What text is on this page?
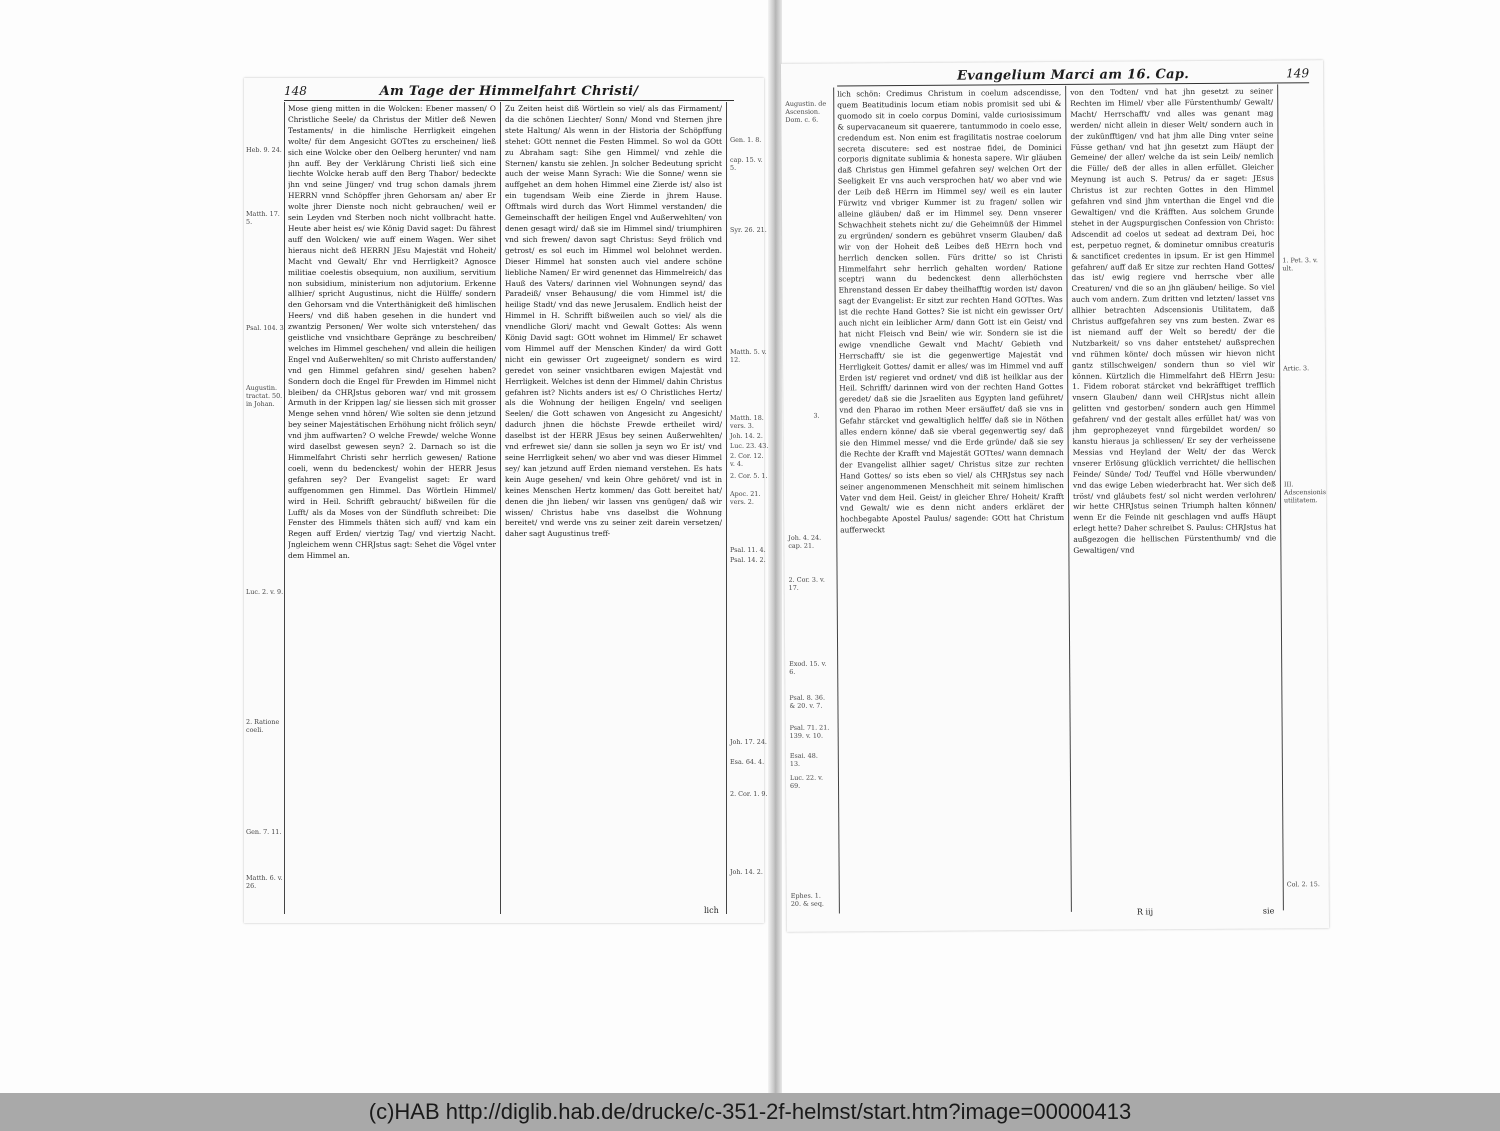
148	Am Tage der Himmelfahrt Christi/
Mose gieng mitten in die Wolcken: Ebener massen/ O Christliche Seele/ da Christus der Mitler deß Newen Testaments/ in die himlische Herrligkeit eingehen wolte/ für dem Angesicht GOTtes zu erscheinen/ ließ sich eine Wolcke ober den Oelberg herunter/ vnd nam jhn auff. Bey der Verklärung Christi ließ sich eine liechte Wolcke herab auff den Berg Thabor/ bedeckte jhn vnd seine Jünger/ vnd trug schon damals jhrem HERRN vnnd Schöpffer jhren Gehorsam an/ aber Er wolte jhrer Dienste noch nicht gebrauchen/ weil er sein Leyden vnd Sterben noch nicht vollbracht hatte. Heute aber heist es/ wie König David saget: Du fährest auff den Wolcken/ wie auff einem Wagen. Wer sihet hieraus nicht deß HERRN JEsu Majestät vnd Hoheit/ Macht vnd Gewalt/ Ehr vnd Herrligkeit? Agnosce militiae coelestis obsequium, non auxilium, servitium non subsidium, ministerium non adjutorium. Erkenne allhier/ spricht Augustinus, nicht die Hülffe/ sondern den Gehorsam vnd die Vnterthänigkeit deß himlischen Heers/ vnd diß haben gesehen in die hundert vnd zwantzig Personen/ Wer wolte sich vnterstehen/ das geistliche vnd vnsichtbare Gepränge zu beschreiben/ welches im Himmel geschehen/ vnd allein die heiligen Engel vnd Außerwehlten/ so mit Christo aufferstanden/ vnd gen Himmel gefahren sind/ gesehen haben? Sondern doch die Engel für Frewden im Himmel nicht bleiben/ da CHRJstus geboren war/ vnd mit grossem Armuth in der Krippen lag/ sie liessen sich mit grosser Menge sehen vnnd hören/ Wie solten sie denn jetzund bey seiner Majestätischen Erhöhung nicht frölich seyn/ vnd jhm auffwarten? O welche Frewde/ welche Wonne wird daselbst gewesen seyn? 2. Darnach so ist die Himmelfahrt Christi sehr herrlich gewesen/ Ratione coeli, wenn du bedenckest/ wohin der HERR Jesus gefahren sey? Der Evangelist saget: Er ward auffgenommen gen Himmel. Das Wörtlein Himmel/ wird in Heil. Schrifft gebraucht/ bißweilen für die Lufft/ als da Moses von der Sündfluth schreibet: Die Fenster des Himmels thäten sich auff/ vnd kam ein Regen auff Erden/ viertzig Tag/ vnd viertzig Nacht. Jngleichem wenn CHRJstus sagt: Sehet die Vögel vnter dem Himmel an.
Zu Zeiten heist diß Wörtlein so viel/ als das Firmament/ da die schönen Liechter/ Sonn/ Mond vnd Sternen jhre stete Haltung/ Als wenn in der Historia der Schöpffung stehet: GOtt nennet die Festen Himmel. So wol da GOtt zu Abraham sagt: Sihe gen Himmel/ vnd zehle die Sternen/ kanstu sie zehlen. Jn solcher Bedeutung spricht auch der weise Mann Syrach: Wie die Sonne/ wenn sie auffgehet an dem hohen Himmel eine Zierde ist/ also ist ein tugendsam Weib eine Zierde in jhrem Hause. Offtmals wird durch das Wort Himmel verstanden/ die Gemeinschafft der heiligen Engel vnd Außerwehlten/ von denen gesagt wird/ daß sie im Himmel sind/ triumphiren vnd sich frewen/ davon sagt Christus: Seyd frölich vnd getrost/ es sol euch im Himmel wol belohnet werden. Dieser Himmel hat sonsten auch viel andere schöne liebliche Namen/ Er wird genennet das Himmelreich/ das Hauß des Vaters/ darinnen viel Wohnungen seynd/ das Paradeiß/ vnser Behausung/ die vom Himmel ist/ die heilige Stadt/ vnd das newe Jerusalem. Endlich heist der Himmel in H. Schrifft bißweilen auch so viel/ als die vnendliche Glori/ macht vnd Gewalt Gottes: Als wenn König David sagt: GOtt wohnet im Himmel/ Er schawet vom Himmel auff der Menschen Kinder/ da wird Gott nicht ein gewisser Ort zugeeignet/ sondern es wird geredet von seiner vnsichtbaren ewigen Majestät vnd Herrligkeit. Welches ist denn der Himmel/ dahin Christus gefahren ist? Nichts anders ist es/ O Christliches Hertz/ als die Wohnung der heiligen Engeln/ vnd seeligen Seelen/ die Gott schawen von Angesicht zu Angesicht/ dadurch jhnen die höchste Frewde ertheilet wird/ daselbst ist der HERR JEsus bey seinen Außerwehlten/ vnd erfrewet sie/ dann sie sollen ja seyn wo Er ist/ vnd seine Herrligkeit sehen/ wo aber vnd was dieser Himmel sey/ kan jetzund auff Erden niemand verstehen. Es hats kein Auge gesehen/ vnd kein Ohre gehöret/ vnd ist in keines Menschen Hertz kommen/ das Gott bereitet hat/ denen die jhn lieben/ wir lassen vns genügen/ daß wir wissen/ Christus habe vns daselbst die Wohnung bereitet/ vnd werde vns zu seiner zeit darein versetzen/ daher sagt Augustinus treff-
Heb. 9. 24.
Matth. 17. 5.
Psal. 104. 3.
Augustin. tractat. 50. in Johan.
2. Ratione coeli.
Luc. 2. v. 9.
Gen. 7. 11.
Matth. 6. v. 26.
Gen. 1. 8.
cap. 15. v. 5.
Syr. 26. 21.
Matth. 5. v. 12.
Matth. 18. vers. 3.
Joh. 14. 2.
Luc. 23. 43.
2. Cor. 12. v. 4.
2. Cor. 5. 1.
Apoc. 21. vers. 2.
Psal. 11. 4.
Psal. 14. 2.
Joh. 17. 24.
Esa. 64. 4.
2. Cor. 1. 9.
Joh. 14. 2.
lich
Evangelium Marci am 16. Cap.	149
lich schön: Credimus Christum in coelum adscendisse, quem Beatitudinis locum etiam nobis promisit sed ubi & quomodo sit in coelo corpus Domini, valde curiosissimum & supervacaneum sit quaerere, tantummodo in coelo esse, credendum est. Non enim est fragilitatis nostrae coelorum secreta discutere: sed est nostrae fidei, de Dominici corporis dignitate sublimia & honesta sapere. Wir gläuben daß Christus gen Himmel gefahren sey/ welchen Ort der Seeligkeit Er vns auch versprochen hat/ wo aber vnd wie der Leib deß HErrn im Himmel sey/ weil es ein lauter Fürwitz vnd vbriger Kummer ist zu fragen/ sollen wir alleine gläuben/ daß er im Himmel sey. Denn vnserer Schwachheit stehets nicht zu/ die Geheimnüß der Himmel zu ergründen/ sondern es gebühret vnserm Glauben/ daß wir von der Hoheit deß Leibes deß HErrn hoch vnd herrlich dencken sollen. Fürs dritte/ so ist Christi Himmelfahrt sehr herrlich gehalten worden/ Ratione sceptri wann du bedenckest denn allerhöchsten Ehrenstand dessen Er dabey theilhafftig worden ist/ davon sagt der Evangelist: Er sitzt zur rechten Hand GOTtes. Was ist die rechte Hand Gottes? Sie ist nicht ein gewisser Ort/ auch nicht ein leiblicher Arm/ dann Gott ist ein Geist/ vnd hat nicht Fleisch vnd Bein/ wie wir. Sondern sie ist die ewige vnendliche Gewalt vnd Macht/ Gebieth vnd Herrschafft/ sie ist die gegenwertige Majestät vnd Herrligkeit Gottes/ damit er alles/ was im Himmel vnd auff Erden ist/ regieret vnd ordnet/ vnd diß ist heilklar aus der Heil. Schrifft/ darinnen wird von der rechten Hand Gottes geredet/ daß sie die Jsraeliten aus Egypten land geführet/ vnd den Pharao im rothen Meer ersäuffet/ daß sie vns in Gefahr stärcket vnd gewaltiglich helffe/ daß sie in Nöthen alles endern könne/ daß sie vberal gegenwertig sey/ daß sie den Himmel messe/ vnd die Erde gründe/ daß sie sey die Rechte der Krafft vnd Majestät GOTtes/ wann demnach der Evangelist allhier saget/ Christus sitze zur rechten Hand Gottes/ so ists eben so viel/ als CHRJstus sey nach seiner angenommenen Menschheit mit seinem himlischen Vater vnd dem Heil. Geist/ in gleicher Ehre/ Hoheit/ Krafft vnd Gewalt/ wie es denn nicht anders erkläret der hochbegabte Apostel Paulus/ sagende: GOtt hat Christum aufferweckt
von den Todten/ vnd hat jhn gesetzt zu seiner Rechten im Himel/ vber alle Fürstenthumb/ Gewalt/ Macht/ Herrschafft/ vnd alles was genant mag werden/ nicht allein in dieser Welt/ sondern auch in der zukünfftigen/ vnd hat jhm alle Ding vnter seine Füsse gethan/ vnd hat jhn gesetzt zum Häupt der Gemeine/ der aller/ welche da ist sein Leib/ nemlich die Fülle/ deß der alles in allen erfüllet. Gleicher Meynung ist auch S. Petrus/ da er saget: JEsus Christus ist zur rechten Gottes in den Himmel gefahren vnd sind jhm vnterthan die Engel vnd die Gewaltigen/ vnd die Kräfften. Aus solchem Grunde stehet in der Augspurgischen Confession von Christo: Adscendit ad coelos ut sedeat ad dextram Dei, hoc est, perpetuo regnet, & dominetur omnibus creaturis & sanctificet credentes in ipsum. Er ist gen Himmel gefahren/ auff daß Er sitze zur rechten Hand Gottes/ das ist/ ewig regiere vnd herrsche vber alle Creaturen/ vnd die so an jhn gläuben/ heilige. So viel auch vom andern. Zum dritten vnd letzten/ lasset vns allhier betrachten Adscensionis Utilitatem, daß Christus auffgefahren sey vns zum besten. Zwar es ist niemand auff der Welt so beredt/ der die Nutzbarkeit/ so vns daher entstehet/ außsprechen vnd rühmen könte/ doch müssen wir hievon nicht gantz stillschweigen/ sondern thun so viel wir können. Kürtzlich die Himmelfahrt deß HErrn Jesu: 1. Fidem roborat stärcket vnd bekräfftiget trefflich vnsern Glauben/ dann weil CHRJstus nicht allein gelitten vnd gestorben/ sondern auch gen Himmel gefahren/ vnd der gestalt alles erfüllet hat/ was von jhm geprophezeyet vnnd fürgebildet worden/ so kanstu hieraus ja schliessen/ Er sey der verheissene Messias vnd Heyland der Welt/ der das Werck vnserer Erlösung glücklich verrichtet/ die hellischen Feinde/ Sünde/ Tod/ Teuffel vnd Hölle vberwunden/ vnd das ewige Leben wiederbracht hat. Wer sich deß tröst/ vnd gläubets fest/ sol nicht werden verlohren/ wir hette CHRJstus seinen Triumph halten können/ wenn Er die Feinde nit geschlagen vnd auffs Häupt erlegt hette? Daher schreibet S. Paulus: CHRJstus hat außgezogen die hellischen Fürstenthumb/ vnd die Gewaltigen/ vnd
Augustin. de Ascension. Dom. c. 6.
3.
Joh. 4. 24. cap. 21.
2. Cor. 3. v. 17.
Exod. 15. v. 6.
Psal. 8. 36. & 20. v. 7.
Psal. 71. 21. 139. v. 10.
Esai. 48. 13.
Luc. 22. v. 69.
Ephes. 1. 20. & seq.
1. Pet. 3. v. ult.
Artic. 3.
III. Adscensionis utilitatem.
Col. 2. 15.
R iij	sie
(c)HAB http://diglib.hab.de/drucke/c-351-2f-helmst/start.htm?image=00000413
